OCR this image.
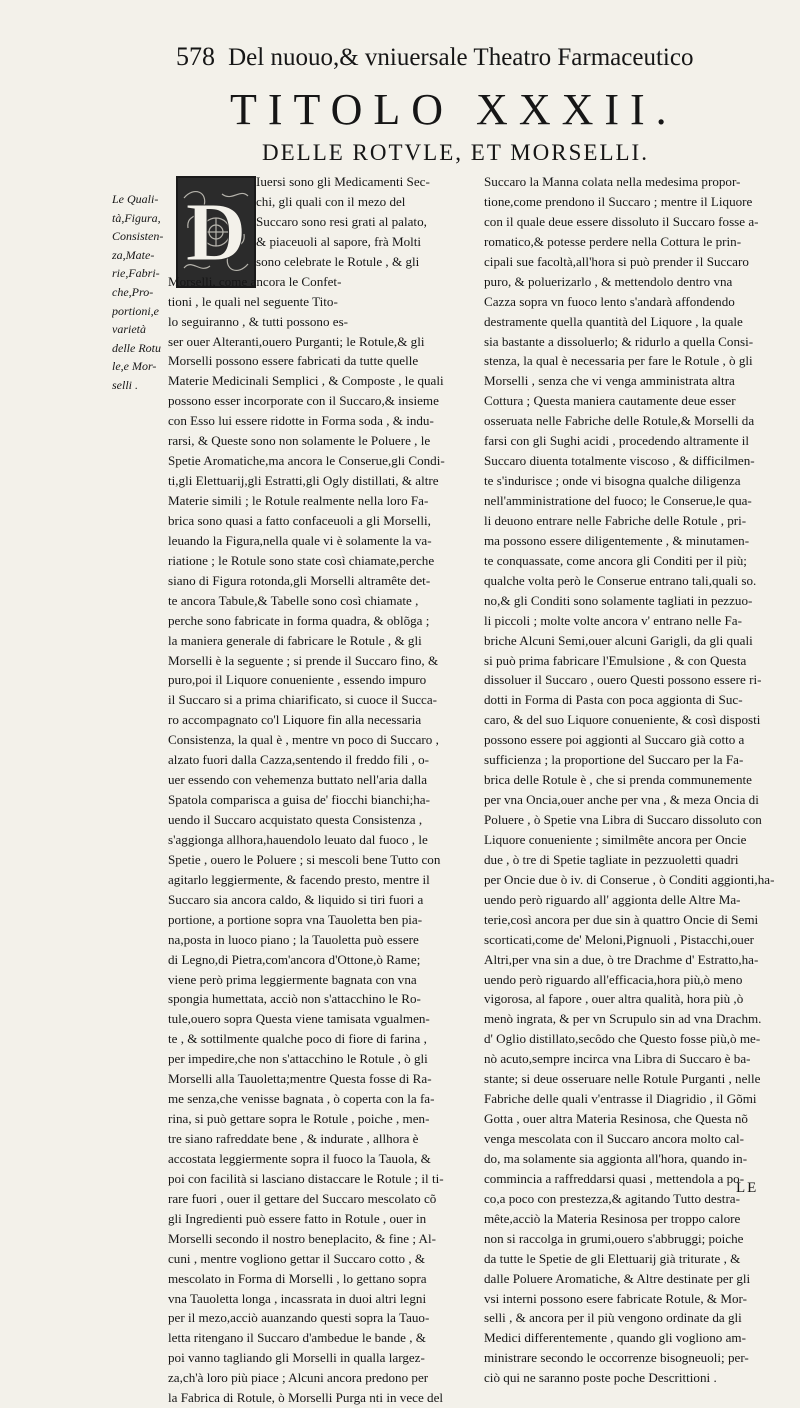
578 Del nuouo,& vniuersale Theatro Farmaceutico
TITOLO XXXII.
DELLE ROTVLE, ET MORSELLI.
Le Quali-
tà,Figura,
Consisten-
za,Mate-
rie,Fabri-
che,Pro-
portioni,e
varietà
delle Rotu
le,e Mor-
selli .
D
Iuersi sono gli Medicamenti Sec-
chi, gli quali con il mezo del
Succaro sono resi grati al palato,
& piaceuoli al sapore, frà Molti
sono celebrate le Rotule , & gli
Morselli, come ancora le Confet-
tioni , le quali nel seguente Tito-
lo seguiranno , & tutti possono es-
ser ouer Alteranti,ouero Purganti; le Rotule,& gli
Morselli possono essere fabricati da tutte quelle
Materie Medicinali Semplici , & Composte , le quali
possono esser incorporate con il Succaro,& insieme
con Esso lui essere ridotte in Forma soda , & indu-
rarsi, & Queste sono non solamente le Poluere , le
Spetie Aromatiche,ma ancora le Conserue,gli Condi-
ti,gli Elettuarij,gli Estratti,gli Ogly distillati, & altre
Materie simili ; le Rotule realmente nella loro Fa-
brica sono quasi a fatto confaceuoli a gli Morselli,
leuando la Figura,nella quale vi è solamente la va-
riatione ; le Rotule sono state così chiamate,perche
siano di Figura rotonda,gli Morselli altramête det-
te ancora Tabule,& Tabelle sono così chiamate ,
perche sono fabricate in forma quadra, & oblõga ;
la maniera generale di fabricare le Rotule , & gli
Morselli è la seguente ; si prende il Succaro fino, &
puro,poi il Liquore conueniente , essendo impuro
il Succaro si a prima chiarificato, si cuoce il Succa-
ro accompagnato co'l Liquore fin alla necessaria
Consistenza, la qual è , mentre vn poco di Succaro ,
alzato fuori dalla Cazza,sentendo il freddo fili , o-
uer essendo con vehemenza buttato nell'aria dalla
Spatola comparisca a guisa de' fiocchi bianchi;ha-
uendo il Succaro acquistato questa Consistenza ,
s'aggionga allhora,hauendolo leuato dal fuoco , le
Spetie , ouero le Poluere ; si mescoli bene Tutto con
agitarlo leggiermente, & facendo presto, mentre il
Succaro sia ancora caldo, & liquido si tiri fuori a
portione, a portione sopra vna Tauoletta ben pia-
na,posta in luoco piano ; la Tauoletta può essere
di Legno,di Pietra,com'ancora d'Ottone,ò Rame;
viene però prima leggiermente bagnata con vna
spongia humettata, acciò non s'attacchino le Ro-
tule,ouero sopra Questa viene tamisata vgualmen-
te , & sottilmente qualche poco di fiore di farina ,
per impedire,che non s'attacchino le Rotule , ò gli
Morselli alla Tauoletta;mentre Questa fosse di Ra-
me senza,che venisse bagnata , ò coperta con la fa-
rina, si può gettare sopra le Rotule , poiche , men-
tre siano rafreddate bene , & indurate , allhora è
accostata leggiermente sopra il fuoco la Tauola, &
poi con facilità si lasciano distaccare le Rotule ; il ti-
rare fuori , ouer il gettare del Succaro mescolato cõ
gli Ingredienti può essere fatto in Rotule , ouer in
Morselli secondo il nostro beneplacito, & fine ; Al-
cuni , mentre vogliono gettar il Succaro cotto , &
mescolato in Forma di Morselli , lo gettano sopra
vna Tauoletta longa , incassrata in duoi altri legni
per il mezo,acciò auanzando questi sopra la Tauo-
letta ritengano il Succaro d'ambedue le bande , &
poi vanno tagliando gli Morselli in qualla largez-
za,ch'à loro più piace ; Alcuni ancora predono per
la Fabrica di Rotule, ò Morselli Purga nti in vece del
Succaro la Manna colata nella medesima propor-
tione,come prendono il Succaro ; mentre il Liquore
con il quale deue essere dissoluto il Succaro fosse a-
romatico,& potesse perdere nella Cottura le prin-
cipali sue facoltà,all'hora si può prender il Succaro
puro, & poluerizarlo , & mettendolo dentro vna
Cazza sopra vn fuoco lento s'andarà affondendo
destramente quella quantità del Liquore , la quale
sia bastante a dissoluerlo; & ridurlo a quella Consi-
stenza, la qual è necessaria per fare le Rotule , ò gli
Morselli , senza che vi venga amministrata altra
Cottura ; Questa maniera cautamente deue esser
osseruata nelle Fabriche delle Rotule,& Morselli da
farsi con gli Sughi acidi , procedendo altramente il
Succaro diuenta totalmente viscoso , & difficilmen-
te s'indurisce ; onde vi bisogna qualche diligenza
nell'amministratione del fuoco; le Conserue,le qua-
li deuono entrare nelle Fabriche delle Rotule , pri-
ma possono essere diligentemente , & minutamen-
te conquassate, come ancora gli Conditi per il più;
qualche volta però le Conserue entrano tali,quali so.
no,& gli Conditi sono solamente tagliati in pezzuo-
li piccoli ; molte volte ancora v' entrano nelle Fa-
briche Alcuni Semi,ouer alcuni Garigli, da gli quali
si può prima fabricare l'Emulsione , & con Questa
dissoluer il Succaro , ouero Questi possono essere ri-
dotti in Forma di Pasta con poca aggionta di Suc-
caro, & del suo Liquore conueniente, & così disposti
possono essere poi aggionti al Succaro già cotto a
sufficienza ; la proportione del Succaro per la Fa-
brica delle Rotule è , che si prenda communemente
per vna Oncia,ouer anche per vna , & meza Oncia di
Poluere , ò Spetie vna Libra di Succaro dissoluto con
Liquore conueniente ; similmête ancora per Oncie
due , ò tre di Spetie tagliate in pezzuoletti quadri
per Oncie due ò iv. di Conserue , ò Conditi aggionti,ha-
uendo però riguardo all' aggionta delle Altre Ma-
terie,così ancora per due sin à quattro Oncie di Semi
scorticati,come de' Meloni,Pignuoli , Pistacchi,ouer
Altri,per vna sin a due, ò tre Drachme d' Estratto,ha-
uendo però riguardo all'efficacia,hora più,ò meno
vigorosa, al fapore , ouer altra qualità, hora più ,ò
menò ingrata, & per vn Scrupulo sin ad vna Drachm.
d' Oglio distillato,secôdo che Questo fosse più,ò me-
nò acuto,sempre incirca vna Libra di Succaro è ba-
stante; si deue osseruare nelle Rotule Purganti , nelle
Fabriche delle quali v'entrasse il Diagridio , il Gõmi
Gotta , ouer altra Materia Resinosa, che Questa nõ
venga mescolata con il Succaro ancora molto cal-
do, ma solamente sia aggionta all'hora, quando in-
commincia a raffreddarsi quasi , mettendola a po-
co,a poco con prestezza,& agitando Tutto destra-
mête,acciò la Materia Resinosa per troppo calore
non si raccolga in grumi,ouero s'abbruggi; poiche
da tutte le Spetie de gli Elettuarij già triturate , &
dalle Poluere Aromatiche, & Altre destinate per gli
vsi interni possono esere fabricate Rotule, & Mor-
selli , & ancora per il più vengono ordinate da gli
Medici differentemente , quando gli vogliono am-
ministrare secondo le occorrenze bisogneuoli; per-
ciò qui ne saranno poste poche Descrittioni .
LE
